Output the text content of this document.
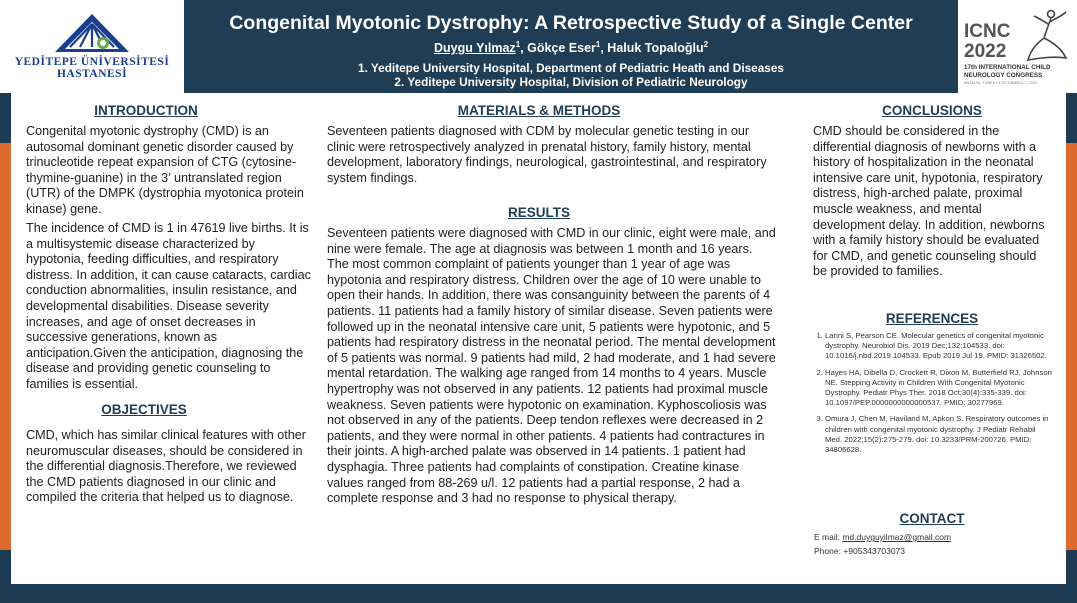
YEDİTEPE ÜNİVERSİTESİ
HASTANESİ
Congenital Myotonic Dystrophy: A Retrospective Study of a Single Center
Duygu Yılmaz$^1$, Gökçe Eser$^1$, Haluk Topaloğlu$^2$
1. Yeditepe University Hospital, Department of Pediatric Heath and Diseases
2. Yeditepe University Hospital, Division of Pediatric Neurology
ICNC
2022
17th INTERNATIONAL CHILD
NEUROLOGY CONGRESS
ANTALYA, TURKEY ▪ OCTOBER 2-7, 2022
INTRODUCTION
Congenital myotonic dystrophy (CMD) is an autosomal dominant genetic disorder caused by trinucleotide repeat expansion of CTG (cytosine-thymine-guanine) in the 3’ untranslated region (UTR) of the DMPK (dystrophia myotonica protein kinase) gene.
The incidence of CMD is 1 in 47619 live births. It is a multisystemic disease characterized by hypotonia, feeding difficulties, and respiratory distress. In addition, it can cause cataracts, cardiac conduction abnormalities, insulin resistance, and developmental disabilities. Disease severity increases, and age of onset decreases in successive generations, known as anticipation.Given the anticipation, diagnosing the disease and providing genetic counseling to families is essential.
OBJECTIVES
CMD, which has similar clinical features with other neuromuscular diseases, should be considered in the differential diagnosis.Therefore, we reviewed the CMD patients diagnosed in our clinic and compiled the criteria that helped us to diagnose.
MATERIALS & METHODS
Seventeen patients diagnosed with CDM by molecular genetic testing in our clinic were retrospectively analyzed in prenatal history, family history, mental development, laboratory findings, neurological, gastrointestinal, and respiratory system findings.
RESULTS
Seventeen patients were diagnosed with CMD in our clinic, eight were male, and nine were female. The age at diagnosis was between 1 month and 16 years. The most common complaint of patients younger than 1 year of age was hypotonia and respiratory distress. Children over the age of 10 were unable to open their hands. In addition, there was consanguinity between the parents of 4 patients. 11 patients had a family history of similar disease. Seven patients were followed up in the neonatal intensive care unit, 5 patients were hypotonic, and 5 patients had respiratory distress in the neonatal period. The mental development of 5 patients was normal. 9 patients had mild, 2 had moderate, and 1 had severe mental retardation. The walking age ranged from 14 months to 4 years. Muscle hypertrophy was not observed in any patients. 12 patients had proximal muscle weakness. Seven patients were hypotonic on examination. Kyphoscoliosis was not observed in any of the patients. Deep tendon reflexes were decreased in 2 patients, and they were normal in other patients. 4 patients had contractures in their joints. A high-arched palate was observed in 14 patients. 1 patient had dysphagia. Three patients had complaints of constipation. Creatine kinase values ranged from 88-269 u/l. 12 patients had a partial response, 2 had a complete response and 3 had no response to physical therapy.
CONCLUSIONS
CMD should be considered in the differential diagnosis of newborns with a history of hospitalization in the neonatal intensive care unit, hypotonia, respiratory distress, high-arched palate, proximal muscle weakness, and mental development delay. In addition, newborns with a family history should be evaluated for CMD, and genetic counseling should be provided to families.
REFERENCES
1. Lanni S, Pearson CE. Molecular genetics of congenital myotonic dystrophy. Neurobiol Dis. 2019 Dec;132:104533. doi: 10.1016/j.nbd.2019.104533. Epub 2019 Jul 19. PMID: 31326502.
2. Hayes HA, Dibella D, Crockett R, Dixon M, Butterfield RJ, Johnson NE. Stepping Activity in Children With Congenital Myotonic Dystrophy. Pediatr Phys Ther. 2018 Oct;30(4):335-339. doi: 10.1097/PEP.0000000000000537. PMID: 30277969.
3. Omura J, Chen M, Haviland M, Apkon S. Respiratory outcomes in children with congenital myotonic dystrophy. J Pediatr Rehabil Med. 2022;15(2):275-279. doi: 10.3233/PRM-200726. PMID: 34806628.
CONTACT
E mail: md.duyguyilmaz@gmail.com
Phone: +905343703073
